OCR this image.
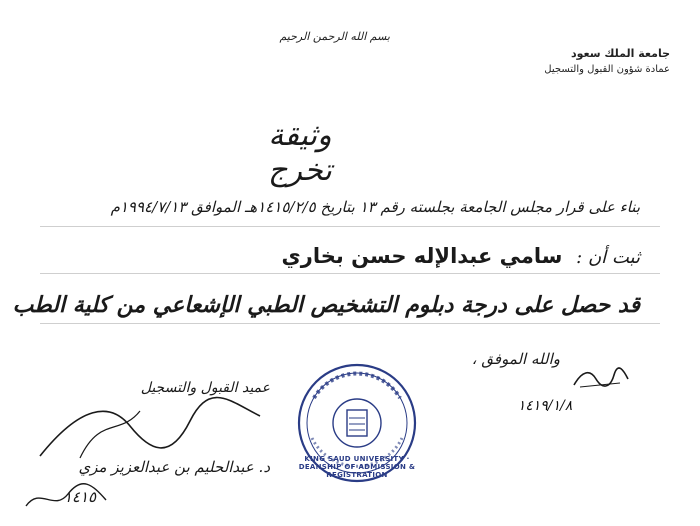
بسم الله الرحمن الرحيم
جامعة الملك سعود
عمادة شؤون القبول والتسجيل
وثيقة تخرج
بناء على قرار مجلس الجامعة بجلسته رقم ١٣ بتاريخ ١٤١٥/٢/٥هـ الموافق ١٩٩٤/٧/١٣م
ثبت أن : سامي عبدالإله حسن بخاري
قد حصل على درجة دبلوم التشخيص الطبي الإشعاعي من كلية الطب
والله الموفق ،
١٤١٩/١/٨
KING SAUD UNIVERSITY · DEANSHIP OF ADMISSION & REGISTRATION
عميد القبول والتسجيل
د. عبدالحليم بن عبدالعزيز مزي
١٤١٥
